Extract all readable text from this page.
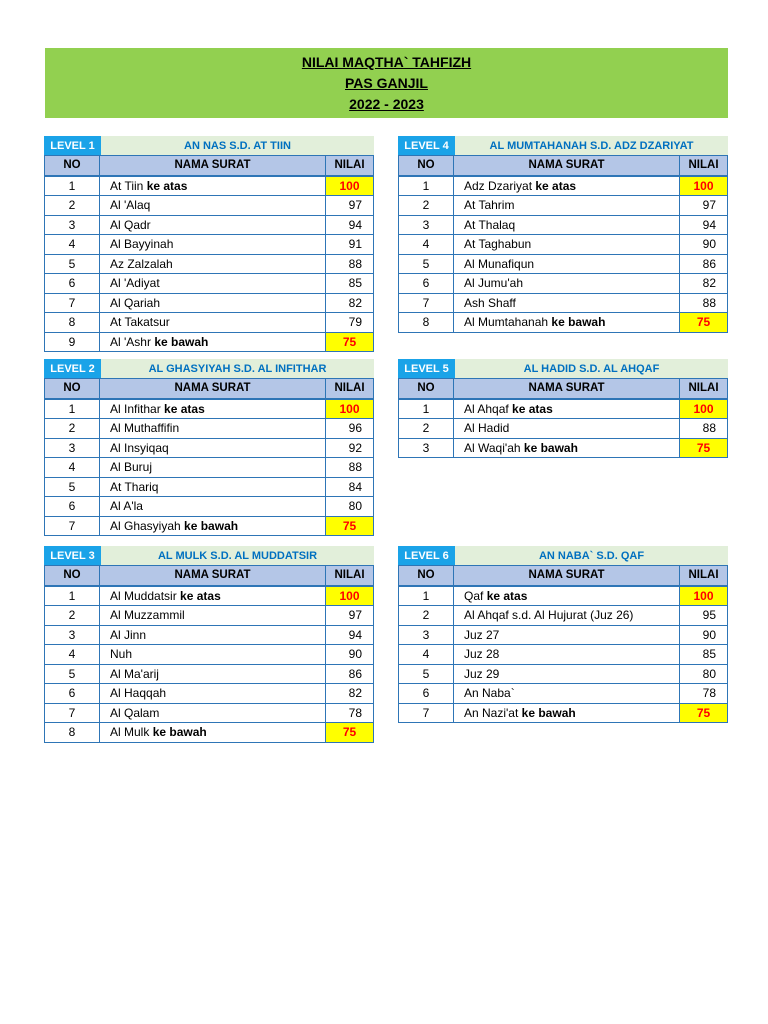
NILAI MAQTHA` TAHFIZH
PAS GANJIL
2022 - 2023
LEVEL 1	AN NAS S.D. AT TIIN
NO	NAMA SURAT	NILAI
1	At Tiin ke atas	100
2	Al 'Alaq	97
3	Al Qadr	94
4	Al Bayyinah	91
5	Az Zalzalah	88
6	Al 'Adiyat	85
7	Al Qariah	82
8	At Takatsur	79
9	Al 'Ashr ke bawah	75
LEVEL 4	AL MUMTAHANAH S.D. ADZ DZARIYAT
NO	NAMA SURAT	NILAI
1	Adz Dzariyat ke atas	100
2	At Tahrim	97
3	At Thalaq	94
4	At Taghabun	90
5	Al Munafiqun	86
6	Al Jumu'ah	82
7	Ash Shaff	88
8	Al Mumtahanah ke bawah	75
LEVEL 2	AL GHASYIYAH S.D. AL INFITHAR
NO	NAMA SURAT	NILAI
1	Al Infithar ke atas	100
2	Al Muthaffifin	96
3	Al Insyiqaq	92
4	Al Buruj	88
5	At Thariq	84
6	Al A'la	80
7	Al Ghasyiyah ke bawah	75
LEVEL 5	AL HADID S.D. AL AHQAF
NO	NAMA SURAT	NILAI
1	Al Ahqaf ke atas	100
2	Al Hadid	88
3	Al Waqi'ah ke bawah	75
LEVEL 3	AL MULK S.D. AL MUDDATSIR
NO	NAMA SURAT	NILAI
1	Al Muddatsir ke atas	100
2	Al Muzzammil	97
3	Al Jinn	94
4	Nuh	90
5	Al Ma'arij	86
6	Al Haqqah	82
7	Al Qalam	78
8	Al Mulk ke bawah	75
LEVEL 6	AN NABA` S.D. QAF
NO	NAMA SURAT	NILAI
1	Qaf ke atas	100
2	Al Ahqaf s.d. Al Hujurat (Juz 26)	95
3	Juz 27	90
4	Juz 28	85
5	Juz 29	80
6	An Naba`	78
7	An Nazi'at ke bawah	75
